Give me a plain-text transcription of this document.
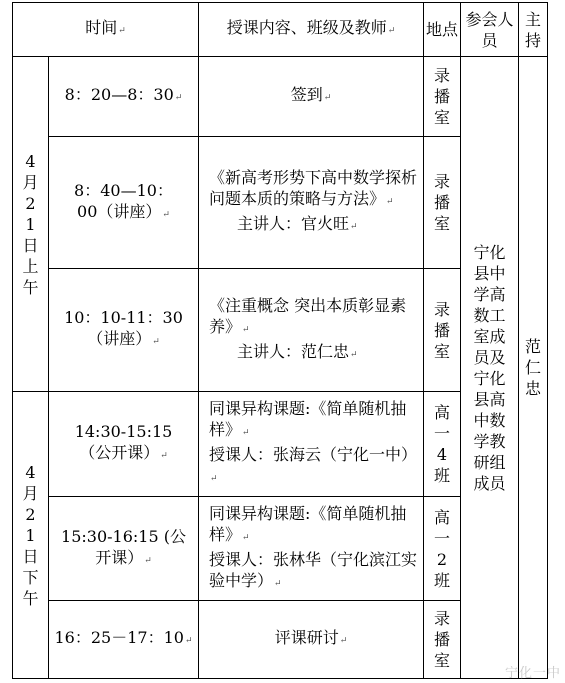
时间↵		授课内容、班级及教师↵	地点	参会人员	主持

4月21日上午	8：20—8：30↵	签到↵	录播室	宁化县中学高数工室成员及宁化县高中数学教研组成员	范仁忠

	8：40—10：00（讲座）↵	《新高考形势下高中数学探析问题本质的策略与方法》↵
主讲人：官火旺↵	录播室		

	10：10-11：30（讲座）↵	《注重概念 突出本质彰显素养》↵
主讲人：范仁忠↵	录播室		

4月21日下午	14:30-15:15（公开课）↵	同课异构课题:《简单随机抽样》↵
授课人：张海云（宁化一中）↵	高一4班		

	15:30-16:15 (公开课）↵	同课异构课题:《简单随机抽样》↵
授课人：张林华（宁化滨江实验中学）↵	高一2班		

	16：25－17：10↵	评课研讨↵	录播室		
宁化一中
